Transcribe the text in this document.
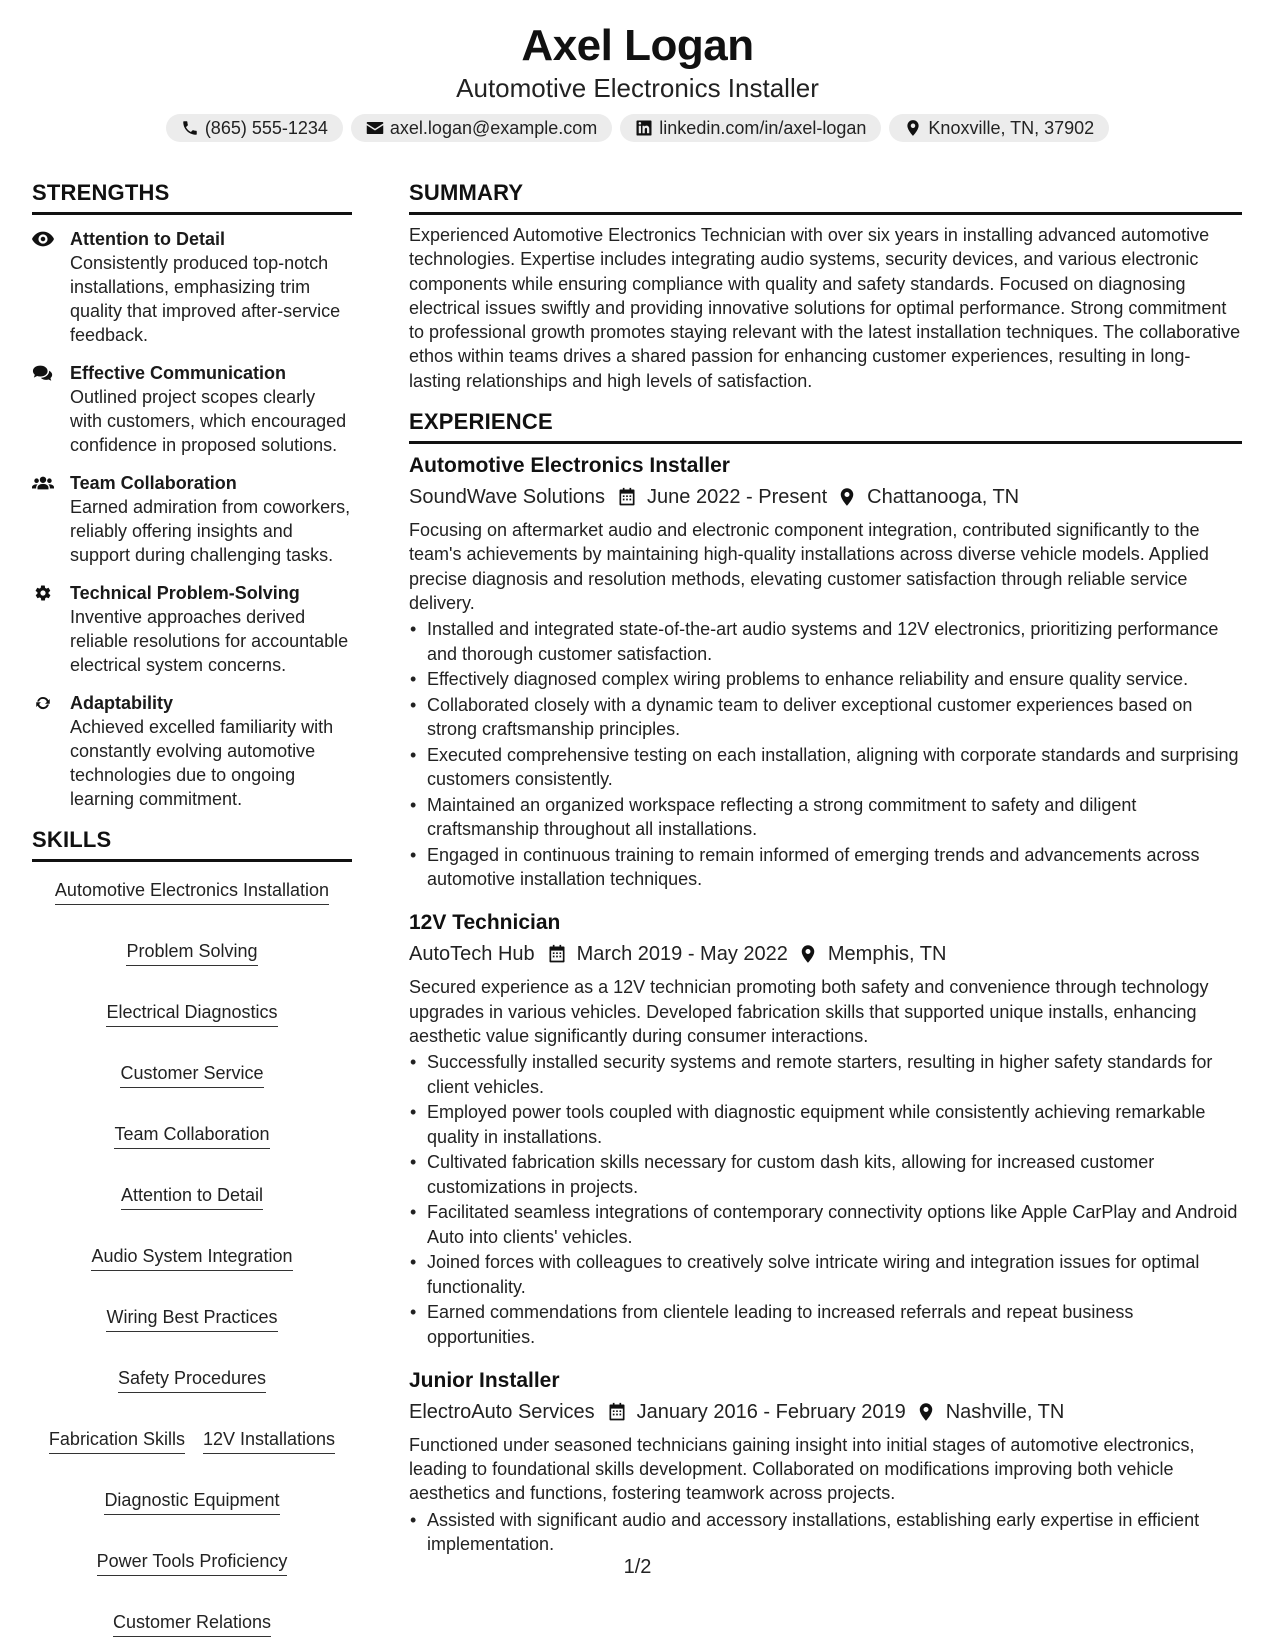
Axel Logan
Automotive Electronics Installer
(865) 555-1234	axel.logan@example.com	linkedin.com/in/axel-logan	Knoxville, TN, 37902
STRENGTHS
Attention to Detail
Consistently produced top-notch installations, emphasizing trim quality that improved after-service feedback.
Effective Communication
Outlined project scopes clearly with customers, which encouraged confidence in proposed solutions.
Team Collaboration
Earned admiration from coworkers, reliably offering insights and support during challenging tasks.
Technical Problem-Solving
Inventive approaches derived reliable resolutions for accountable electrical system concerns.
Adaptability
Achieved excelled familiarity with constantly evolving automotive technologies due to ongoing learning commitment.
SKILLS
Automotive Electronics Installation
Problem Solving
Electrical Diagnostics
Customer Service
Team Collaboration
Attention to Detail
Audio System Integration
Wiring Best Practices
Safety Procedures
Fabrication Skills 12V Installations
Diagnostic Equipment
Power Tools Proficiency
Customer Relations
SUMMARY

Experienced Automotive Electronics Technician with over six years in installing advanced automotive technologies. Expertise includes integrating audio systems, security devices, and various electronic components while ensuring compliance with quality and safety standards. Focused on diagnosing electrical issues swiftly and providing innovative solutions for optimal performance. Strong commitment to professional growth promotes staying relevant with the latest installation techniques. The collaborative ethos within teams drives a shared passion for enhancing customer experiences, resulting in long-lasting relationships and high levels of satisfaction.

EXPERIENCE
Automotive Electronics Installer
SoundWave Solutions June 2022 - Present Chattanooga, TN

Focusing on aftermarket audio and electronic component integration, contributed significantly to the team's achievements by maintaining high-quality installations across diverse vehicle models. Applied precise diagnosis and resolution methods, elevating customer satisfaction through reliable service delivery.

• Installed and integrated state-of-the-art audio systems and 12V electronics, prioritizing performance and thorough customer satisfaction.
• Effectively diagnosed complex wiring problems to enhance reliability and ensure quality service.
• Collaborated closely with a dynamic team to deliver exceptional customer experiences based on strong craftsmanship principles.
• Executed comprehensive testing on each installation, aligning with corporate standards and surprising customers consistently.
• Maintained an organized workspace reflecting a strong commitment to safety and diligent craftsmanship throughout all installations.
• Engaged in continuous training to remain informed of emerging trends and advancements across automotive installation techniques.
12V Technician
AutoTech Hub March 2019 - May 2022 Memphis, TN

Secured experience as a 12V technician promoting both safety and convenience through technology upgrades in various vehicles. Developed fabrication skills that supported unique installs, enhancing aesthetic value significantly during consumer interactions.

• Successfully installed security systems and remote starters, resulting in higher safety standards for client vehicles.
• Employed power tools coupled with diagnostic equipment while consistently achieving remarkable quality in installations.
• Cultivated fabrication skills necessary for custom dash kits, allowing for increased customer customizations in projects.
• Facilitated seamless integrations of contemporary connectivity options like Apple CarPlay and Android Auto into clients' vehicles.
• Joined forces with colleagues to creatively solve intricate wiring and integration issues for optimal functionality.
• Earned commendations from clientele leading to increased referrals and repeat business opportunities.
Junior Installer
ElectroAuto Services January 2016 - February 2019 Nashville, TN

Functioned under seasoned technicians gaining insight into initial stages of automotive electronics, leading to foundational skills development. Collaborated on modifications improving both vehicle aesthetics and functions, fostering teamwork across projects.

• Assisted with significant audio and accessory installations, establishing early expertise in efficient implementation.
1/2
